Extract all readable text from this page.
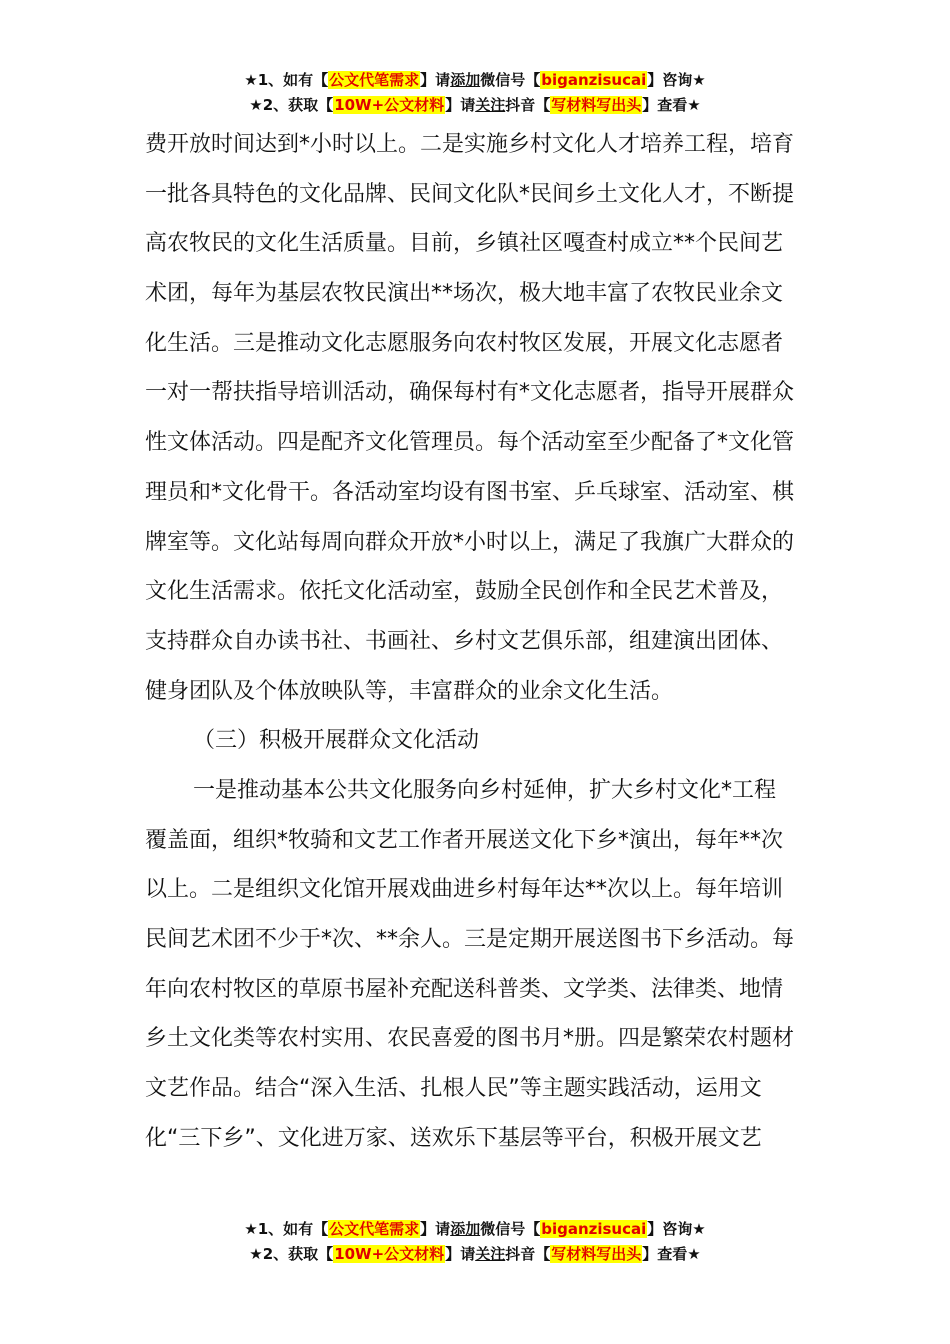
★1、如有【公文代笔需求】请添加微信号【biganzisucai】咨询★
★2、获取【10W+公文材料】请关注抖音【写材料写出头】查看★
费开放时间达到*小时以上。二是实施乡村文化人才培养工程，培育
一批各具特色的文化品牌、民间文化队*民间乡土文化人才，不断提
高农牧民的文化生活质量。目前，乡镇社区嘎查村成立**个民间艺
术团，每年为基层农牧民演出**场次，极大地丰富了农牧民业余文
化生活。三是推动文化志愿服务向农村牧区发展，开展文化志愿者
一对一帮扶指导培训活动，确保每村有*文化志愿者，指导开展群众
性文体活动。四是配齐文化管理员。每个活动室至少配备了*文化管
理员和*文化骨干。各活动室均设有图书室、乒乓球室、活动室、棋
牌室等。文化站每周向群众开放*小时以上，满足了我旗广大群众的
文化生活需求。依托文化活动室，鼓励全民创作和全民艺术普及，
支持群众自办读书社、书画社、乡村文艺俱乐部，组建演出团体、
健身团队及个体放映队等，丰富群众的业余文化生活。
（三）积极开展群众文化活动
一是推动基本公共文化服务向乡村延伸，扩大乡村文化*工程
覆盖面，组织*牧骑和文艺工作者开展送文化下乡*演出，每年**次
以上。二是组织文化馆开展戏曲进乡村每年达**次以上。每年培训
民间艺术团不少于*次、**余人。三是定期开展送图书下乡活动。每
年向农村牧区的草原书屋补充配送科普类、文学类、法律类、地情
乡土文化类等农村实用、农民喜爱的图书月*册。四是繁荣农村题材
文艺作品。结合“深入生活、扎根人民”等主题实践活动，运用文
化“三下乡”、文化进万家、送欢乐下基层等平台，积极开展文艺
★1、如有【公文代笔需求】请添加微信号【biganzisucai】咨询★
★2、获取【10W+公文材料】请关注抖音【写材料写出头】查看★
